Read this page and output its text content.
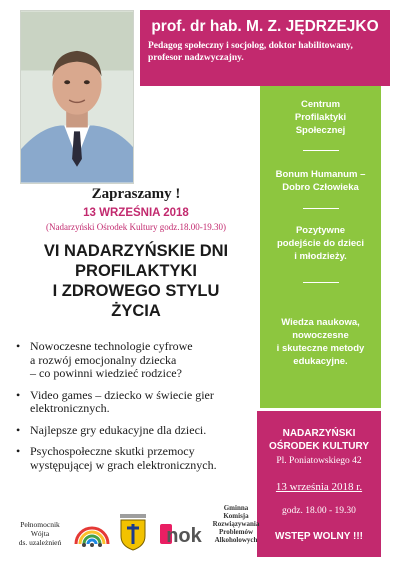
prof. dr hab. M. Z. JĘDRZEJKO
Pedagog społeczny i socjolog, doktor habilitowany,
profesor nadzwyczajny.
Centrum
Profilaktyki
Społecznej
Bonum Humanum –
Dobro Człowieka
Pozytywne
podejście do dzieci
i młodzieży.
Wiedza naukowa,
nowoczesne
i skuteczne metody
edukacyjne.
Zapraszamy !
13 WRZEŚNIA 2018
(Nadarzyński Ośrodek Kultury godz.18.00-19.30)
VI NADARZYŃSKIE DNI
PROFILAKTYKI
I ZDROWEGO STYLU
ŻYCIA
• Nowoczesne technologie cyfrowe
a rozwój emocjonalny dziecka
– co powinni wiedzieć rodzice?
• Video games – dziecko w świecie gier
elektronicznych.
• Najlepsze gry edukacyjne dla dzieci.
• Psychospołeczne skutki przemocy
występującej w grach elektronicznych.
NADARZYŃSKI
OŚRODEK KULTURY
Pl. Poniatowskiego 42
13 września 2018 r.
godz. 18.00 - 19.30
WSTĘP WOLNY !!!
Pełnomocnik
Wójta
ds. uzależnień	nok
Gminna
Komisja
Rozwiązywania
Problemów
Alkoholowych
